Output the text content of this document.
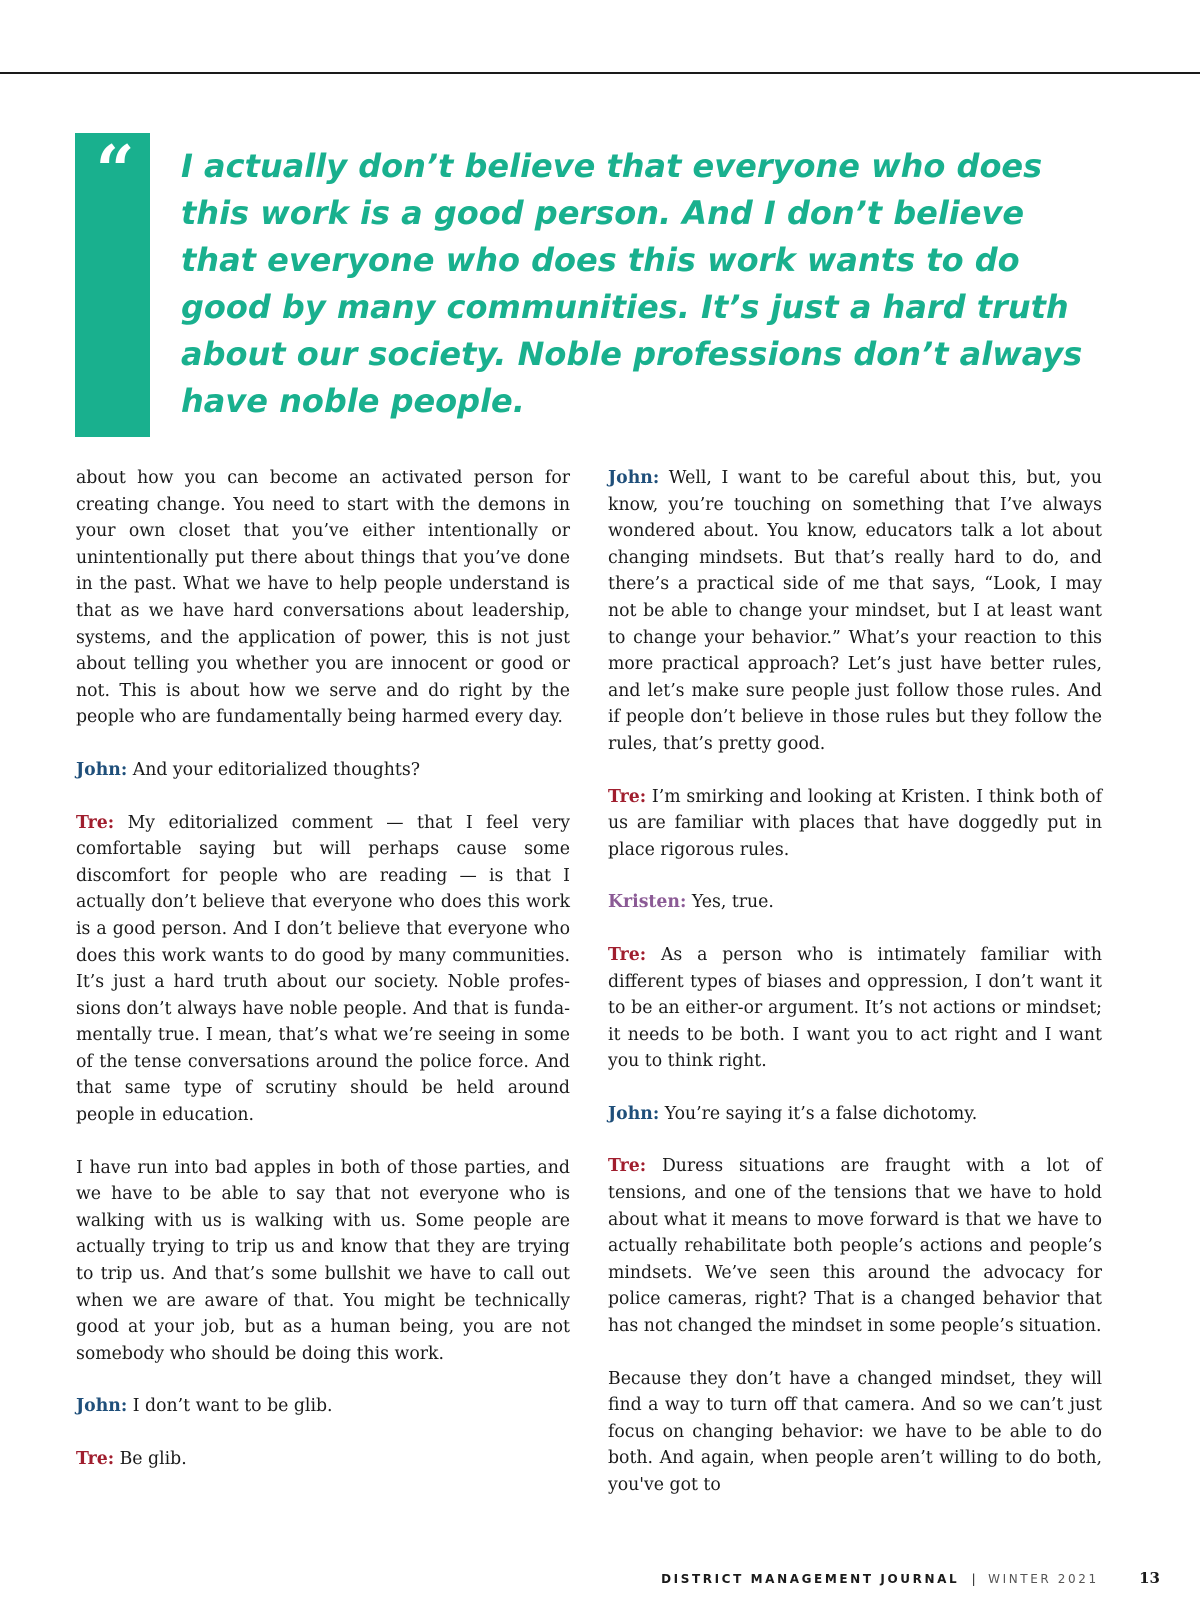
“	I actually don’t believe that everyone who does this work is a good person. And I don’t believe that everyone who does this work wants to do good by many communities. It’s just a hard truth about our society. Noble professions don’t always have noble people.

about how you can become an activated person for creating change. You need to start with the demons in your own closet that you’ve either intentionally or unintentionally put there about things that you’ve done in the past. What we have to help people understand is that as we have hard conversations about leadership, systems, and the application of power, this is not just about telling you whether you are innocent or good or not. This is about how we serve and do right by the people who are fundamentally being harmed every day.

John: And your editorialized thoughts?

Tre: My editorialized comment — that I feel very comfortable saying but will perhaps cause some discomfort for people who are reading — is that I actually don’t believe that everyone who does this work is a good person. And I don’t believe that everyone who does this work wants to do good by many communities. It’s just a hard truth about our society. Noble professions don’t always have noble people. And that is fundamentally true. I mean, that’s what we’re seeing in some of the tense conversations around the police force. And that same type of scrutiny should be held around people in education.

I have run into bad apples in both of those parties, and we have to be able to say that not everyone who is walking with us is walking with us. Some people are actually trying to trip us and know that they are trying to trip us. And that’s some bullshit we have to call out when we are aware of that. You might be technically good at your job, but as a human being, you are not somebody who should be doing this work.

John: I don’t want to be glib.

Tre: Be glib.

John: Well, I want to be careful about this, but, you know, you’re touching on something that I’ve always wondered about. You know, educators talk a lot about changing mindsets. But that’s really hard to do, and there’s a practical side of me that says, “Look, I may not be able to change your mindset, but I at least want to change your behavior.” What’s your reaction to this more practical approach? Let’s just have better rules, and let’s make sure people just follow those rules. And if people don’t believe in those rules but they follow the rules, that’s pretty good.

Tre: I’m smirking and looking at Kristen. I think both of us are familiar with places that have doggedly put in place rigorous rules.

Kristen: Yes, true.

Tre: As a person who is intimately familiar with different types of biases and oppression, I don’t want it to be an either-or argument. It’s not actions or mindset; it needs to be both. I want you to act right and I want you to think right.

John: You’re saying it’s a false dichotomy.

Tre: Duress situations are fraught with a lot of tensions, and one of the tensions that we have to hold about what it means to move forward is that we have to actually rehabilitate both people’s actions and people’s mindsets. We’ve seen this around the advocacy for police cameras, right? That is a changed behavior that has not changed the mindset in some people’s situation.

Because they don’t have a changed mindset, they will find a way to turn off that camera. And so we can’t just focus on changing behavior: we have to be able to do both. And again, when people aren’t willing to do both, you've got to

DISTRICT MANAGEMENT JOURNAL | WINTER 2021	13
